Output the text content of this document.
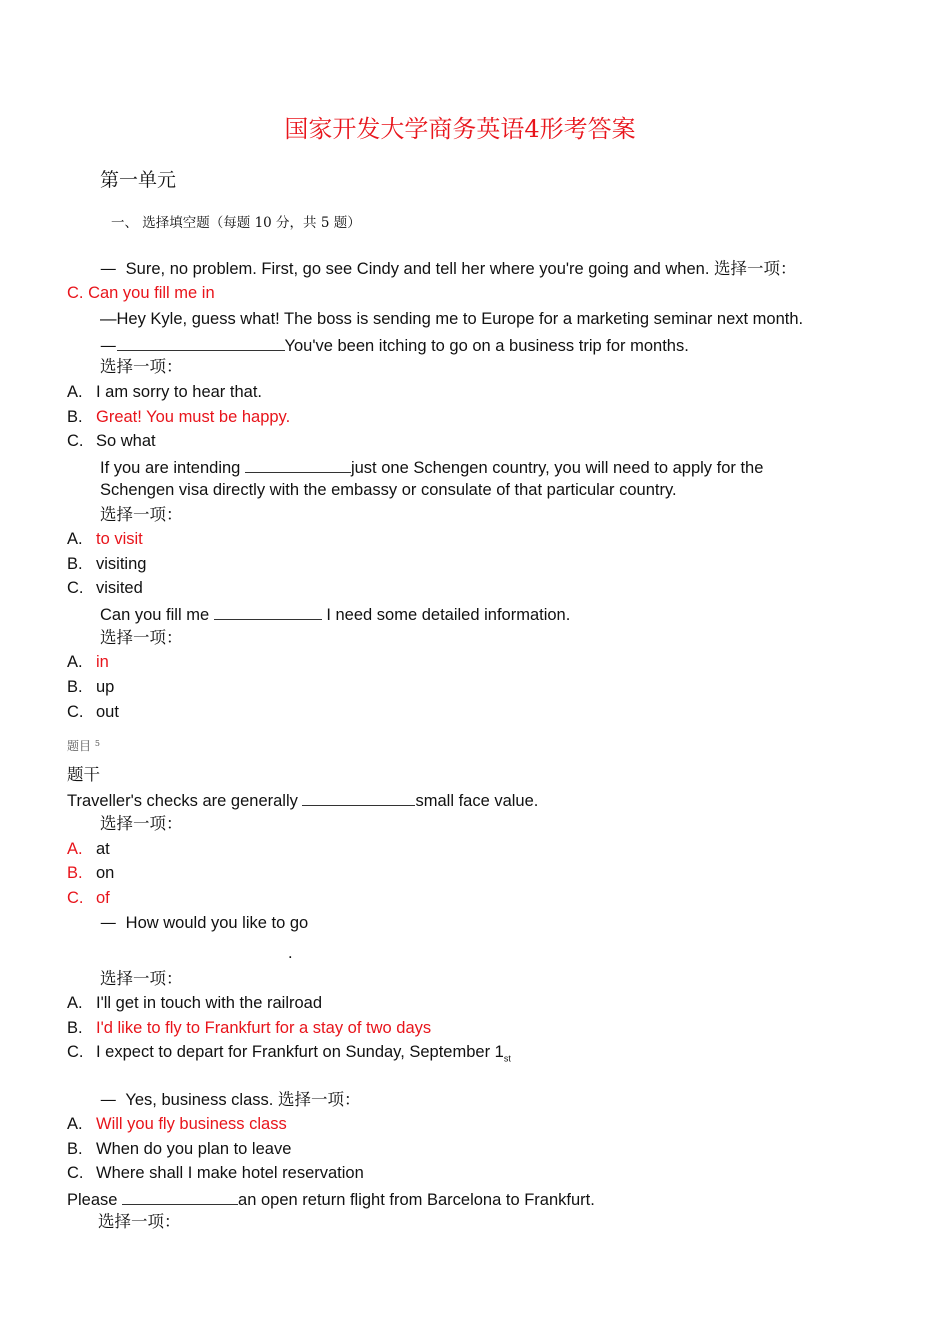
国家开发大学商务英语4形考答案
第一单元
一、 选择填空题（每题 10 分，共 5 题）
— Sure, no problem. First, go see Cindy and tell her where you're going and when. 选择一项：
C. Can you fill me in
—Hey Kyle, guess what! The boss is sending me to Europe for a marketing seminar next month.
—	You've been itching to go on a business trip for months.
选择一项：
A. I am sorry to hear that.
B. Great! You must be happy.
C. So what
If you are intending	just one Schengen country, you will need to apply for the
Schengen visa directly with the embassy or consulate of that particular country.
选择一项：
A. to visit
B. visiting
C. visited
Can you fill me	I need some detailed information.
选择一项：
A. in
B. up
C. out
题目 $^5$
题干
Traveller's checks are generally	small face value.
选择一项：
A. at
B. on
C. of
— How would you like to go
.
选择一项：
A. I'll get in touch with the railroad
B. I'd like to fly to Frankfurt for a stay of two days
C. I expect to depart for Frankfurt on Sunday, September $1_{st}$
— Yes, business class. 选择一项：
A. Will you fly business class
B. When do you plan to leave
C. Where shall I make hotel reservation
Please	an open return flight from Barcelona to Frankfurt.
选择一项：
